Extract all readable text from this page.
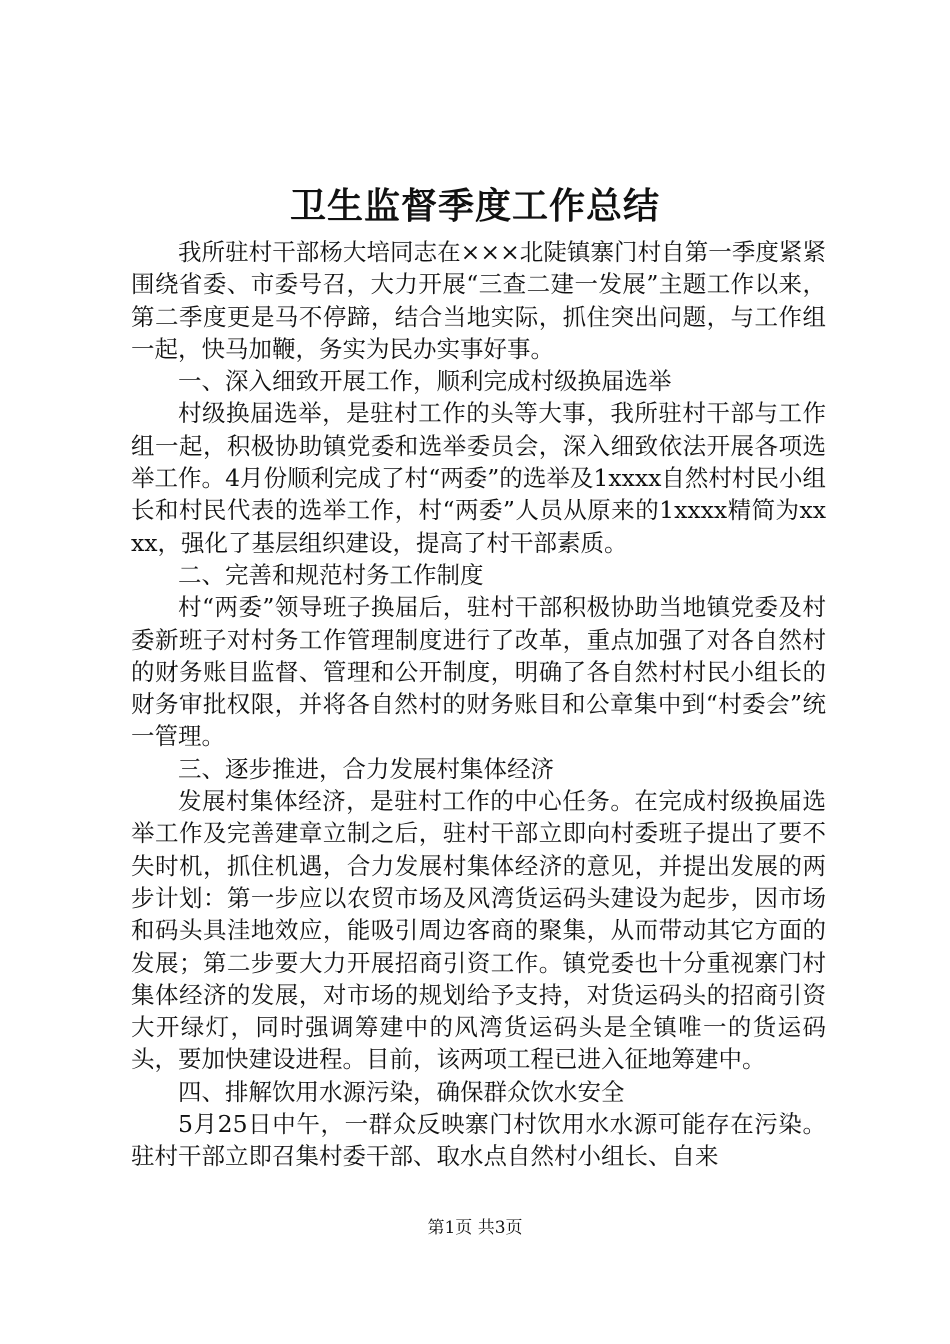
卫生监督季度工作总结

我所驻村干部杨大培同志在×××北陡镇寨门村自第一季度紧紧围绕省委、市委号召，大力开展“三查二建一发展”主题工作以来，第二季度更是马不停蹄，结合当地实际，抓住突出问题，与工作组一起，快马加鞭，务实为民办实事好事。

一、深入细致开展工作，顺利完成村级换届选举

村级换届选举，是驻村工作的头等大事，我所驻村干部与工作组一起，积极协助镇党委和选举委员会，深入细致依法开展各项选举工作。4月份顺利完成了村“两委”的选举及1xxxx自然村村民小组长和村民代表的选举工作，村“两委”人员从原来的1xxxx精简为xxxx，强化了基层组织建设，提高了村干部素质。

二、完善和规范村务工作制度

村“两委”领导班子换届后，驻村干部积极协助当地镇党委及村委新班子对村务工作管理制度进行了改革，重点加强了对各自然村的财务账目监督、管理和公开制度，明确了各自然村村民小组长的财务审批权限，并将各自然村的财务账目和公章集中到“村委会”统一管理。

三、逐步推进，合力发展村集体经济

发展村集体经济，是驻村工作的中心任务。在完成村级换届选举工作及完善建章立制之后，驻村干部立即向村委班子提出了要不失时机，抓住机遇，合力发展村集体经济的意见，并提出发展的两步计划：第一步应以农贸市场及风湾货运码头建设为起步，因市场和码头具洼地效应，能吸引周边客商的聚集，从而带动其它方面的发展；第二步要大力开展招商引资工作。镇党委也十分重视寨门村集体经济的发展，对市场的规划给予支持，对货运码头的招商引资大开绿灯，同时强调筹建中的风湾货运码头是全镇唯一的货运码头，要加快建设进程。目前，该两项工程已进入征地筹建中。

四、排解饮用水源污染，确保群众饮水安全

5月25日中午，一群众反映寨门村饮用水水源可能存在污染。驻村干部立即召集村委干部、取水点自然村小组长、自来

第1页 共3页
